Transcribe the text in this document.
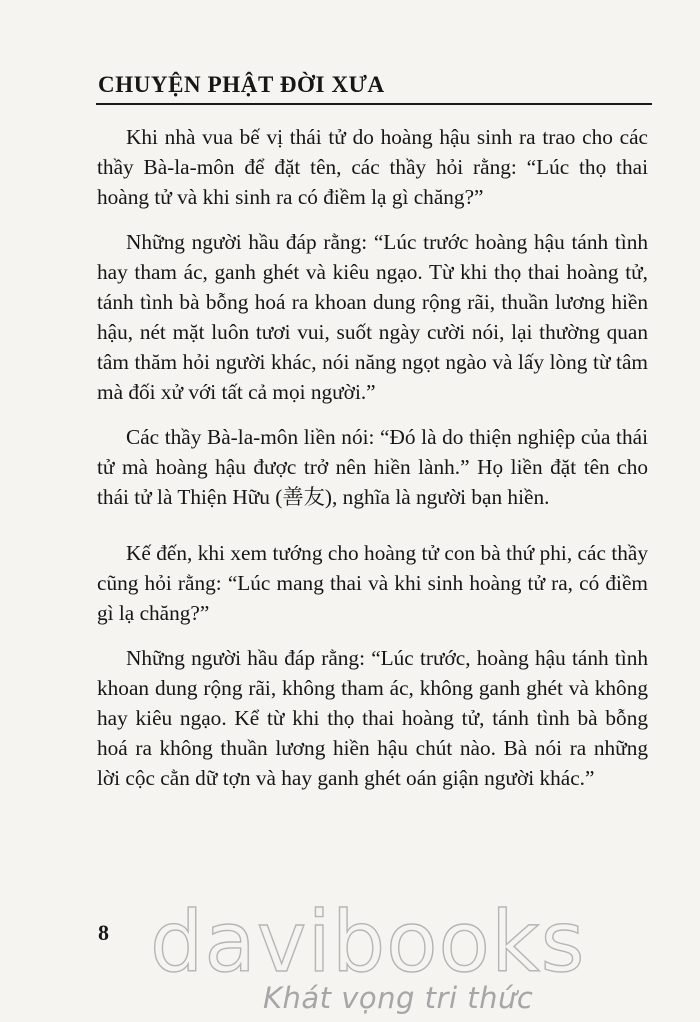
CHUYỆN PHẬT ĐỜI XƯA

Khi nhà vua bế vị thái tử do hoàng hậu sinh ra trao cho các thầy Bà-la-môn để đặt tên, các thầy hỏi rằng: “Lúc thọ thai hoàng tử và khi sinh ra có điềm lạ gì chăng?”

Những người hầu đáp rằng: “Lúc trước hoàng hậu tánh tình hay tham ác, ganh ghét và kiêu ngạo. Từ khi thọ thai hoàng tử, tánh tình bà bỗng hoá ra khoan dung rộng rãi, thuần lương hiền hậu, nét mặt luôn tươi vui, suốt ngày cười nói, lại thường quan tâm thăm hỏi người khác, nói năng ngọt ngào và lấy lòng từ tâm mà đối xử với tất cả mọi người.”

Các thầy Bà-la-môn liền nói: “Đó là do thiện nghiệp của thái tử mà hoàng hậu được trở nên hiền lành.” Họ liền đặt tên cho thái tử là Thiện Hữu (善友), nghĩa là người bạn hiền.

Kế đến, khi xem tướng cho hoàng tử con bà thứ phi, các thầy cũng hỏi rằng: “Lúc mang thai và khi sinh hoàng tử ra, có điềm gì lạ chăng?”

Những người hầu đáp rằng: “Lúc trước, hoàng hậu tánh tình khoan dung rộng rãi, không tham ác, không ganh ghét và không hay kiêu ngạo. Kể từ khi thọ thai hoàng tử, tánh tình bà bỗng hoá ra không thuần lương hiền hậu chút nào. Bà nói ra những lời cộc cằn dữ tợn và hay ganh ghét oán giận người khác.”

8 davibooks
Khát vọng tri thức
